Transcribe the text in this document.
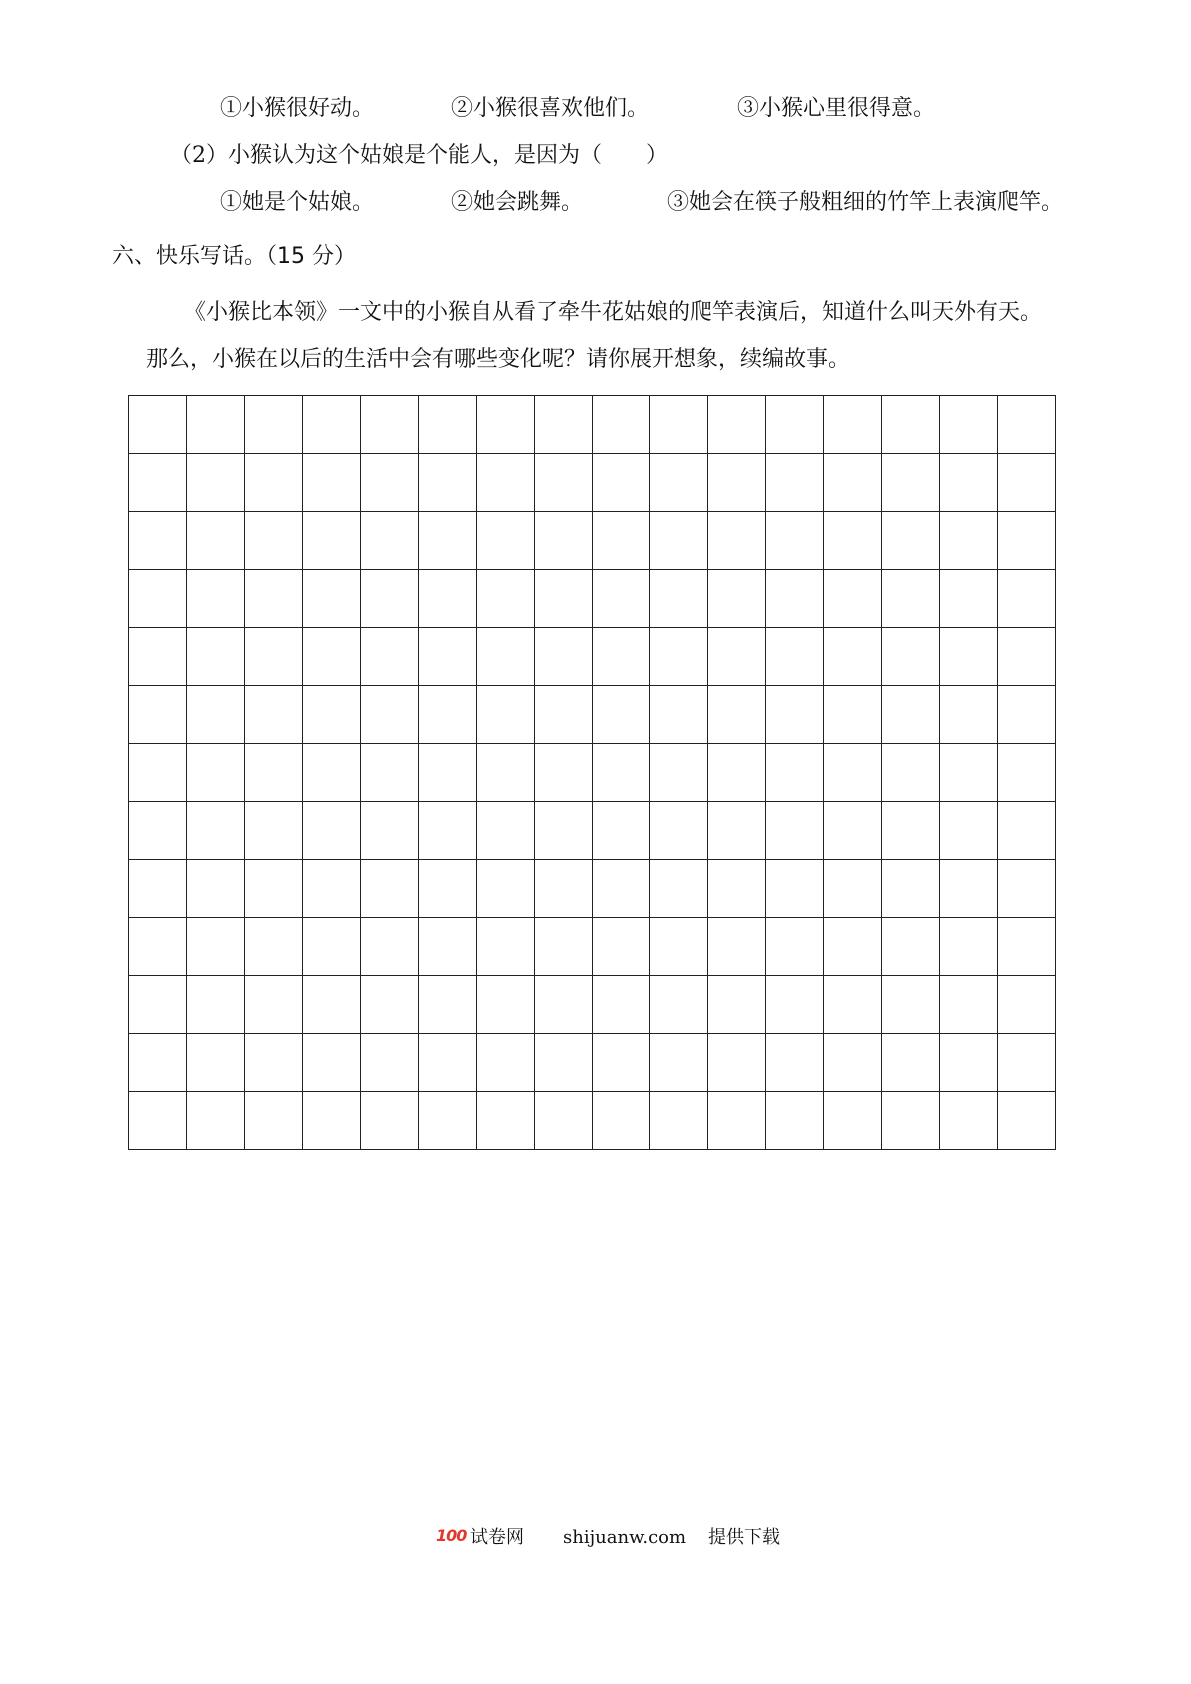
①小猴很好动。	②小猴很喜欢他们。	③小猴心里很得意。
（2）小猴认为这个姑娘是个能人，是因为（　　）
①她是个姑娘。	②她会跳舞。	③她会在筷子般粗细的竹竿上表演爬竿。
六、快乐写话。（15 分）
《小猴比本领》一文中的小猴自从看了牵牛花姑娘的爬竿表演后，知道什么叫天外有天。
那么，小猴在以后的生活中会有哪些变化呢？请你展开想象，续编故事。
100 试卷网 shijuanw.com 提供下载
